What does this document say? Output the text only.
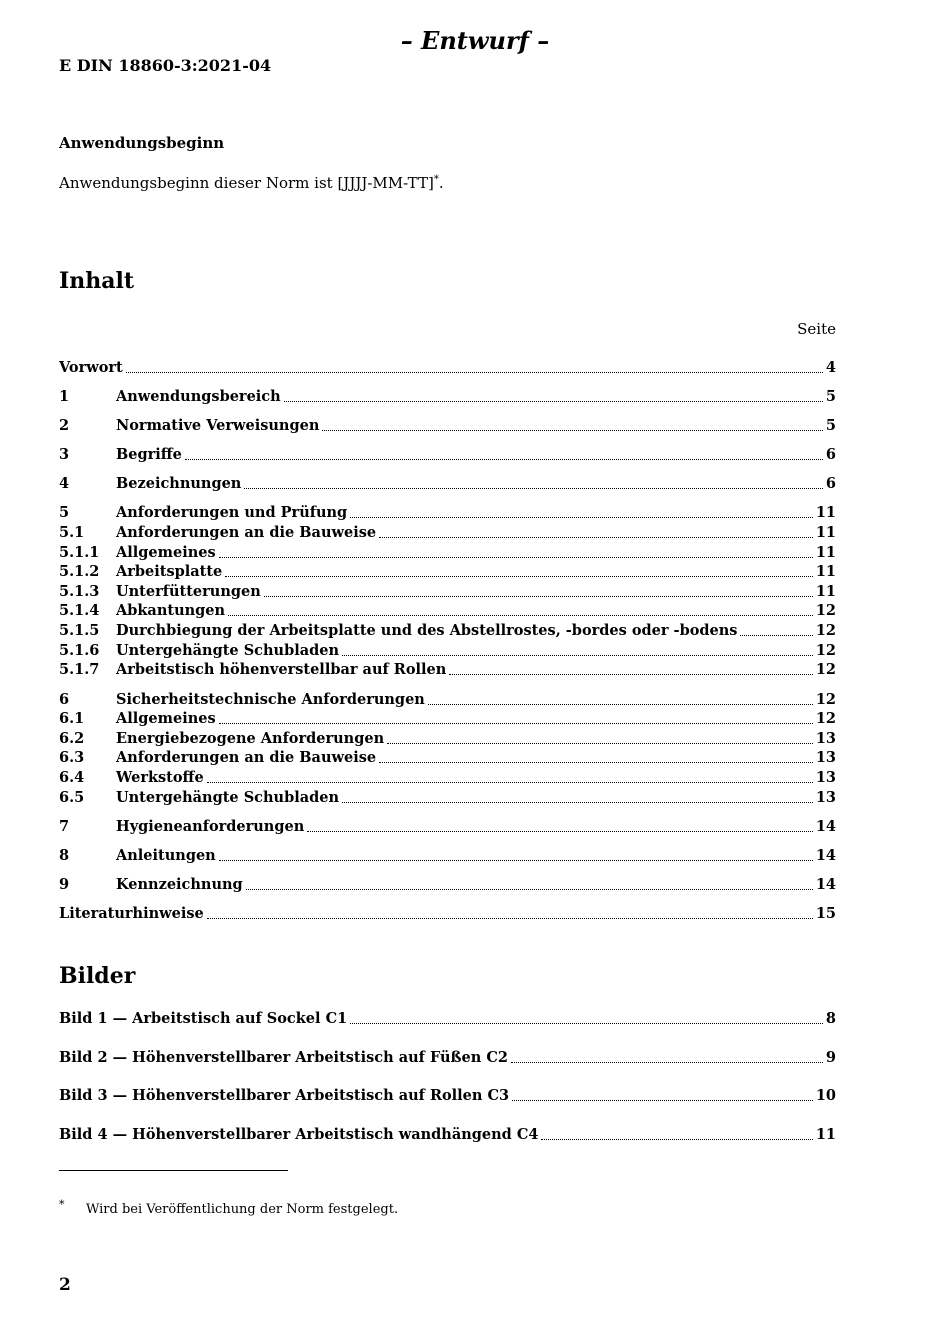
– Entwurf –
E DIN 18860-3:2021-04
Anwendungsbeginn
Anwendungsbeginn dieser Norm ist [JJJJ-MM-TT]*.
Inhalt
Seite
Vorwort	4
1	Anwendungsbereich	5
2	Normative Verweisungen	5
3	Begriffe	6
4	Bezeichnungen	6
5	Anforderungen und Prüfung	11
5.1	Anforderungen an die Bauweise	11
5.1.1	Allgemeines	11
5.1.2	Arbeitsplatte	11
5.1.3	Unterfütterungen	11
5.1.4	Abkantungen	12
5.1.5	Durchbiegung der Arbeitsplatte und des Abstellrostes, -bordes oder -bodens	12
5.1.6	Untergehängte Schubladen	12
5.1.7	Arbeitstisch höhenverstellbar auf Rollen	12
6	Sicherheitstechnische Anforderungen	12
6.1	Allgemeines	12
6.2	Energiebezogene Anforderungen	13
6.3	Anforderungen an die Bauweise	13
6.4	Werkstoffe	13
6.5	Untergehängte Schubladen	13
7	Hygieneanforderungen	14
8	Anleitungen	14
9	Kennzeichnung	14
Literaturhinweise	15
Bilder
Bild 1 — Arbeitstisch auf Sockel C1	8
Bild 2 — Höhenverstellbarer Arbeitstisch auf Füßen C2	9
Bild 3 — Höhenverstellbarer Arbeitstisch auf Rollen C3	10
Bild 4 — Höhenverstellbarer Arbeitstisch wandhängend C4	11
* Wird bei Veröffentlichung der Norm festgelegt.
2
